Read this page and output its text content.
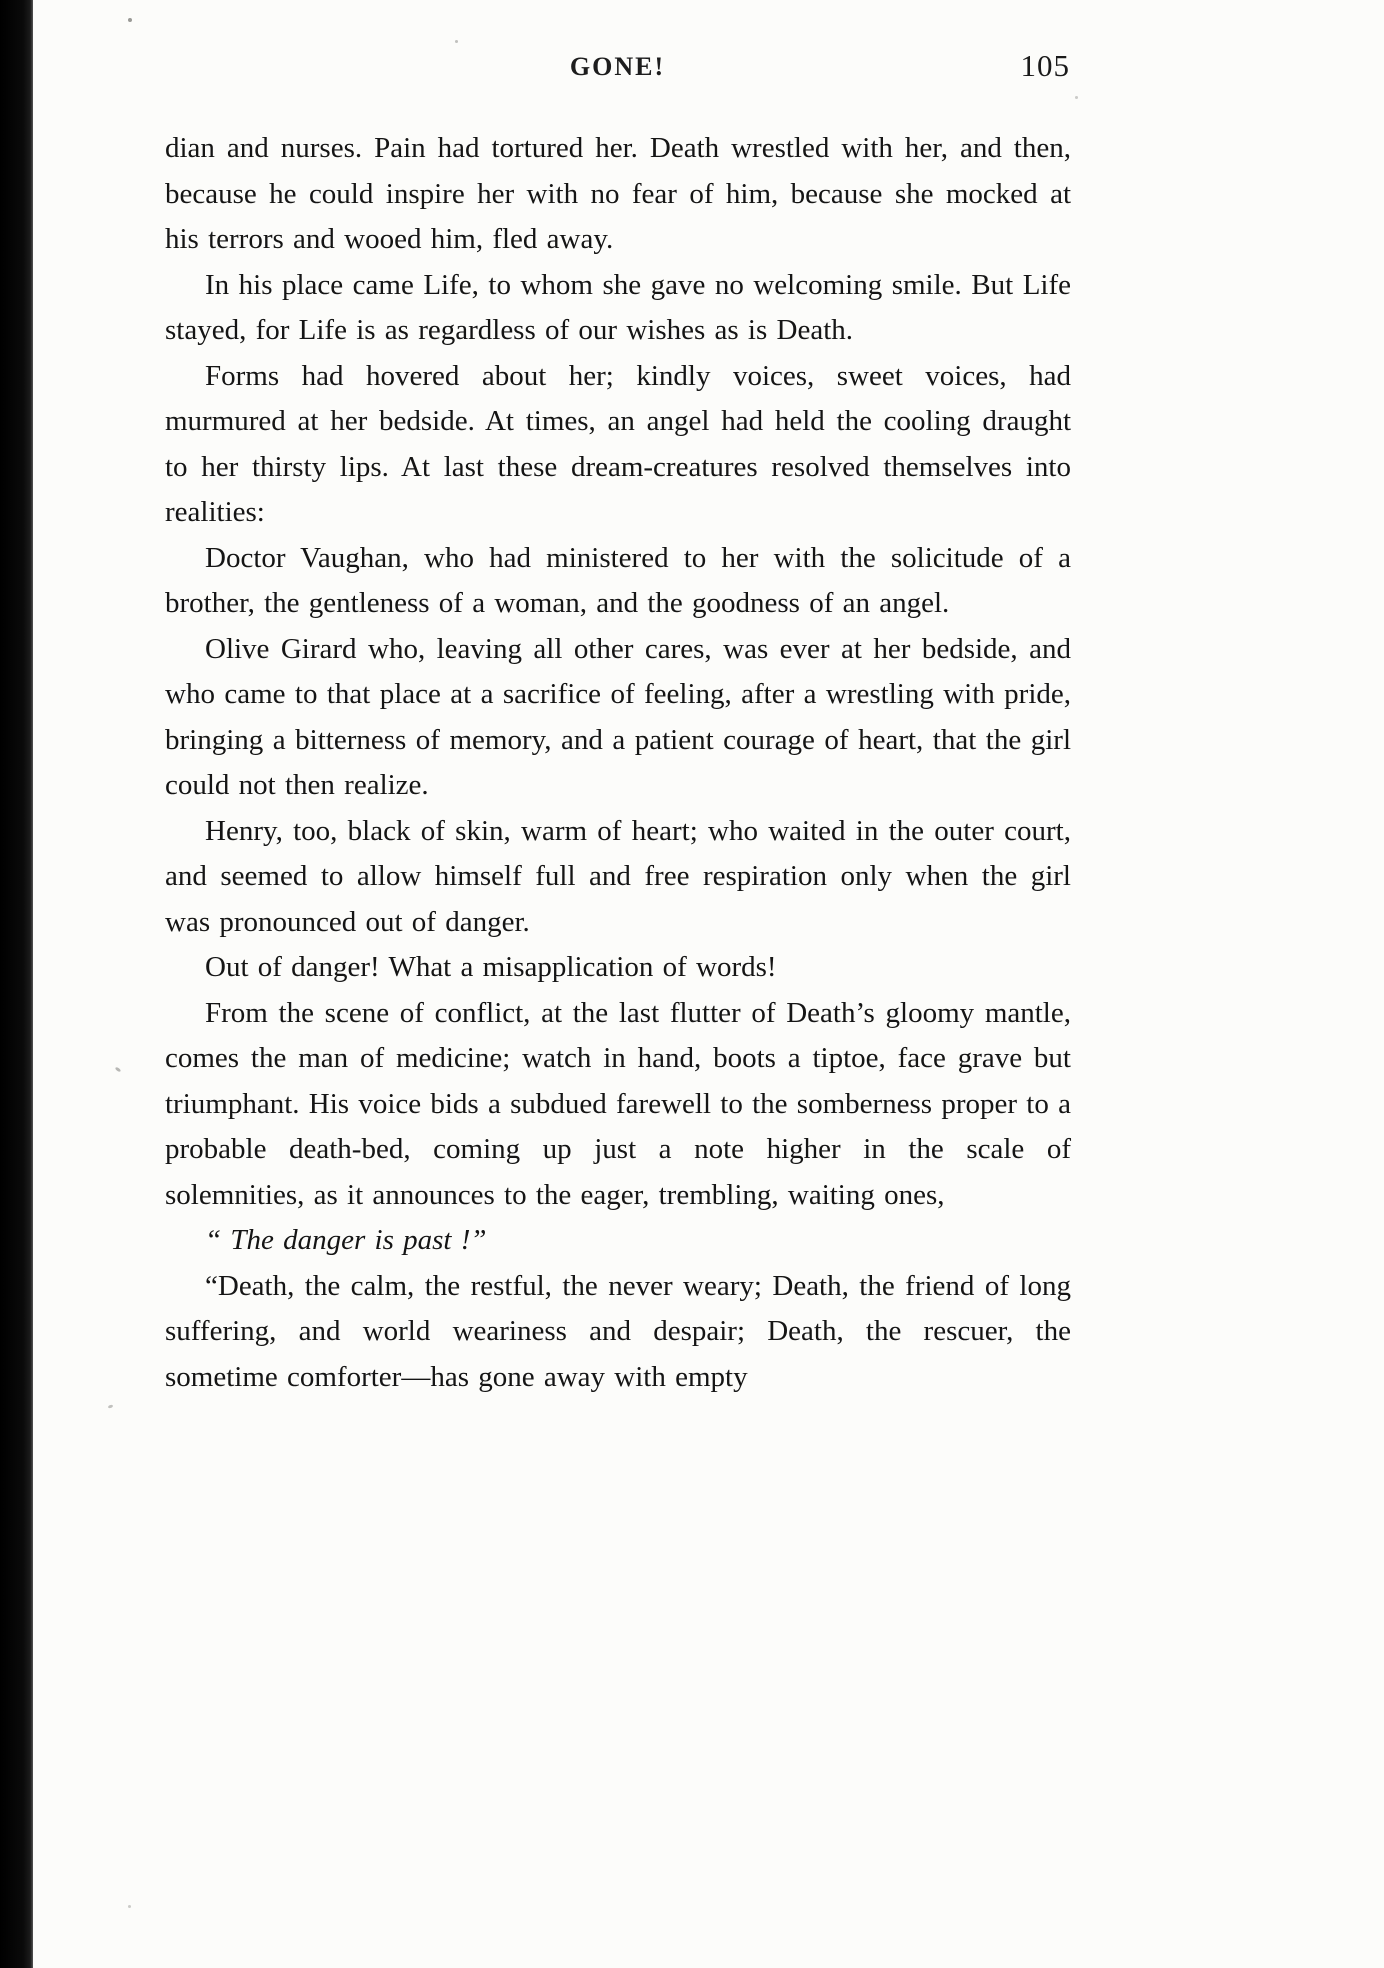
GONE!	105

dian and nurses. Pain had tortured her. Death wrestled with her, and then, because he could inspire her with no fear of him, because she mocked at his terrors and wooed him, fled away.

In his place came Life, to whom she gave no welcoming smile. But Life stayed, for Life is as regardless of our wishes as is Death.

Forms had hovered about her; kindly voices, sweet voices, had murmured at her bedside. At times, an angel had held the cooling draught to her thirsty lips. At last these dream-creatures resolved themselves into realities:

Doctor Vaughan, who had ministered to her with the solicitude of a brother, the gentleness of a woman, and the goodness of an angel.

Olive Girard who, leaving all other cares, was ever at her bedside, and who came to that place at a sacrifice of feeling, after a wrestling with pride, bringing a bitterness of memory, and a patient courage of heart, that the girl could not then realize.

Henry, too, black of skin, warm of heart; who waited in the outer court, and seemed to allow himself full and free respiration only when the girl was pronounced out of danger.

Out of danger! What a misapplication of words!

From the scene of conflict, at the last flutter of Death’s gloomy mantle, comes the man of medicine; watch in hand, boots a tiptoe, face grave but triumphant. His voice bids a subdued farewell to the somberness proper to a probable death-bed, coming up just a note higher in the scale of solemnities, as it announces to the eager, trembling, waiting ones,

“ The danger is past !”

“Death, the calm, the restful, the never weary; Death, the friend of long suffering, and world weariness and despair; Death, the rescuer, the sometime comforter—has gone away with empty
